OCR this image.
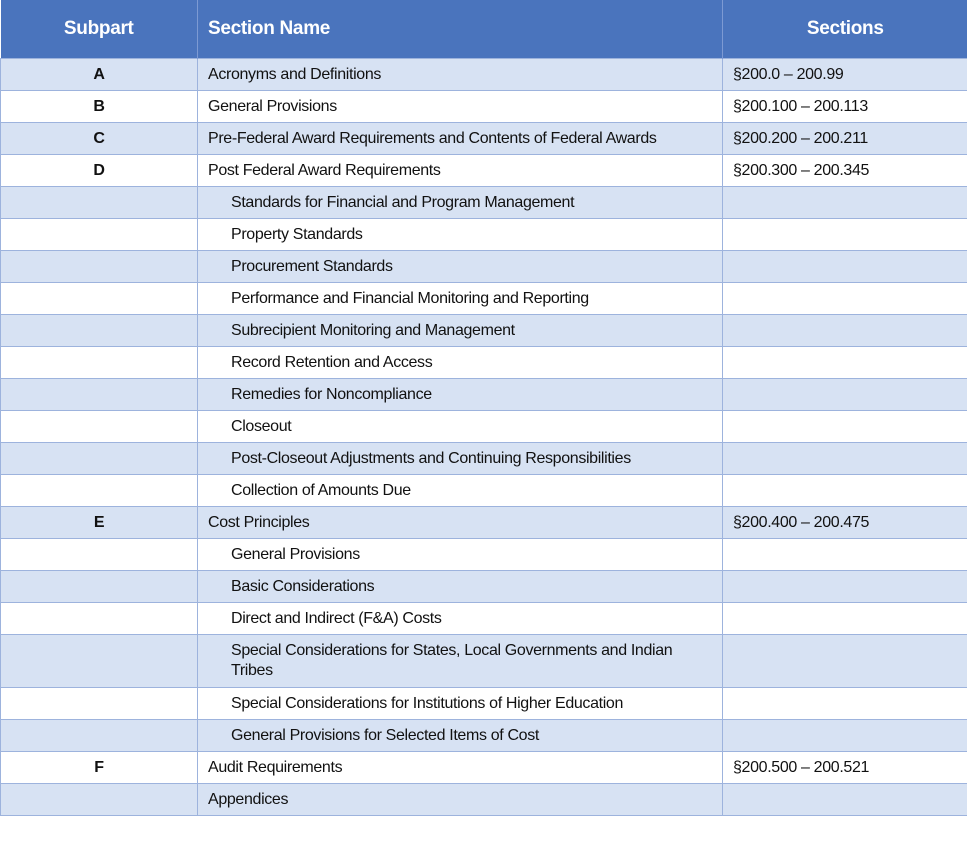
Subpart	Section Name	Sections
A	Acronyms and Definitions	§200.0 – 200.99
B	General Provisions	§200.100 – 200.113
C	Pre-Federal Award Requirements and Contents of Federal Awards	§200.200 – 200.211
D	Post Federal Award Requirements	§200.300 – 200.345
	Standards for Financial and Program Management	
	Property Standards	
	Procurement Standards	
	Performance and Financial Monitoring and Reporting	
	Subrecipient Monitoring and Management	
	Record Retention and Access	
	Remedies for Noncompliance	
	Closeout	
	Post-Closeout Adjustments and Continuing Responsibilities	
	Collection of Amounts Due	
E	Cost Principles	§200.400 – 200.475
	General Provisions	
	Basic Considerations	
	Direct and Indirect (F&A) Costs	
	Special Considerations for States, Local Governments and Indian Tribes	
	Special Considerations for Institutions of Higher Education	
	General Provisions for Selected Items of Cost	
F	Audit Requirements	§200.500 – 200.521
	Appendices	
